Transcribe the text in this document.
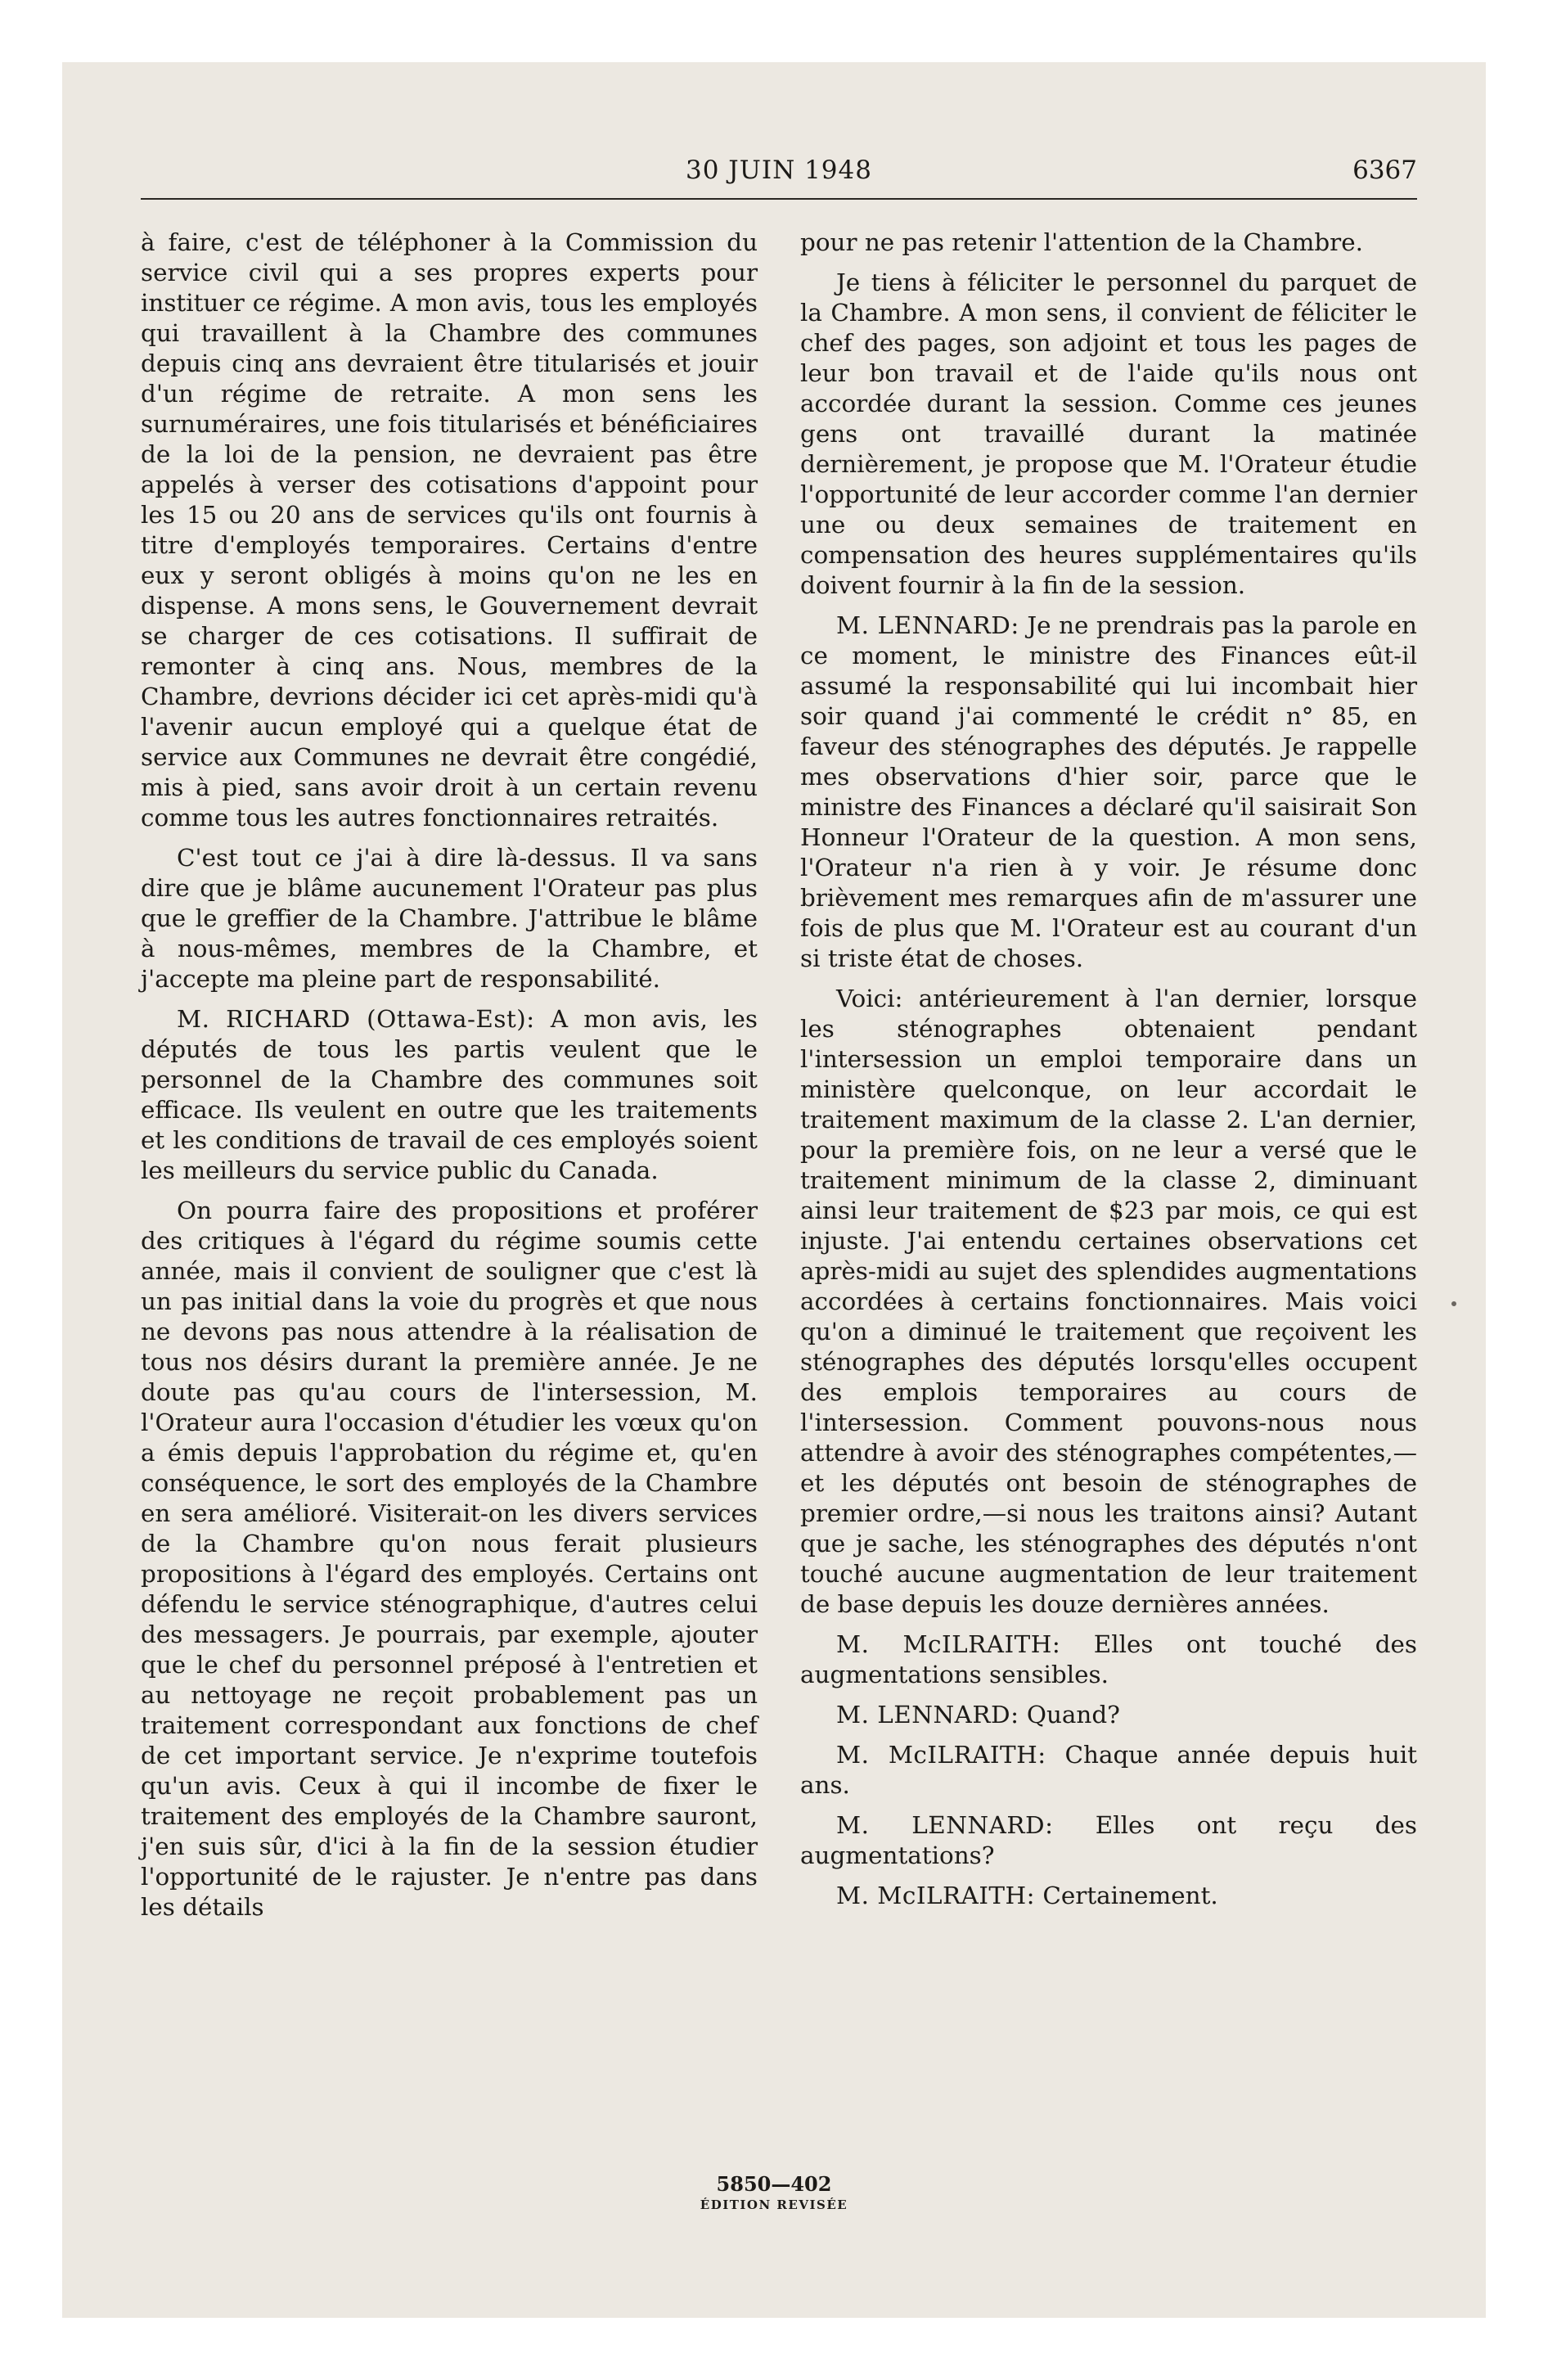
30 JUIN 1948	6367

à faire, c'est de téléphoner à la Commission du service civil qui a ses propres experts pour instituer ce régime. A mon avis, tous les employés qui travaillent à la Chambre des communes depuis cinq ans devraient être titularisés et jouir d'un régime de retraite. A mon sens les surnuméraires, une fois titularisés et bénéficiaires de la loi de la pension, ne devraient pas être appelés à verser des cotisations d'appoint pour les 15 ou 20 ans de services qu'ils ont fournis à titre d'employés temporaires. Certains d'entre eux y seront obligés à moins qu'on ne les en dispense. A mons sens, le Gouvernement devrait se charger de ces cotisations. Il suffirait de remonter à cinq ans. Nous, membres de la Chambre, devrions décider ici cet après-midi qu'à l'avenir aucun employé qui a quelque état de service aux Communes ne devrait être congédié, mis à pied, sans avoir droit à un certain revenu comme tous les autres fonctionnaires retraités.

C'est tout ce j'ai à dire là-dessus. Il va sans dire que je blâme aucunement l'Orateur pas plus que le greffier de la Chambre. J'attribue le blâme à nous-mêmes, membres de la Chambre, et j'accepte ma pleine part de responsabilité.

M. RICHARD (Ottawa-Est): A mon avis, les députés de tous les partis veulent que le personnel de la Chambre des communes soit efficace. Ils veulent en outre que les traitements et les conditions de travail de ces employés soient les meilleurs du service public du Canada.

On pourra faire des propositions et proférer des critiques à l'égard du régime soumis cette année, mais il convient de souligner que c'est là un pas initial dans la voie du progrès et que nous ne devons pas nous attendre à la réalisation de tous nos désirs durant la première année. Je ne doute pas qu'au cours de l'intersession, M. l'Orateur aura l'occasion d'étudier les vœux qu'on a émis depuis l'approbation du régime et, qu'en conséquence, le sort des employés de la Chambre en sera amélioré. Visiterait-on les divers services de la Chambre qu'on nous ferait plusieurs propositions à l'égard des employés. Certains ont défendu le service sténographique, d'autres celui des messagers. Je pourrais, par exemple, ajouter que le chef du personnel préposé à l'entretien et au nettoyage ne reçoit probablement pas un traitement correspondant aux fonctions de chef de cet important service. Je n'exprime toutefois qu'un avis. Ceux à qui il incombe de fixer le traitement des employés de la Chambre sauront, j'en suis sûr, d'ici à la fin de la session étudier l'opportunité de le rajuster. Je n'entre pas dans les détails

pour ne pas retenir l'attention de la Chambre.

Je tiens à féliciter le personnel du parquet de la Chambre. A mon sens, il convient de féliciter le chef des pages, son adjoint et tous les pages de leur bon travail et de l'aide qu'ils nous ont accordée durant la session. Comme ces jeunes gens ont travaillé durant la matinée dernièrement, je propose que M. l'Orateur étudie l'opportunité de leur accorder comme l'an dernier une ou deux semaines de traitement en compensation des heures supplémentaires qu'ils doivent fournir à la fin de la session.

M. LENNARD: Je ne prendrais pas la parole en ce moment, le ministre des Finances eût-il assumé la responsabilité qui lui incombait hier soir quand j'ai commenté le crédit n° 85, en faveur des sténographes des députés. Je rappelle mes observations d'hier soir, parce que le ministre des Finances a déclaré qu'il saisirait Son Honneur l'Orateur de la question. A mon sens, l'Orateur n'a rien à y voir. Je résume donc brièvement mes remarques afin de m'assurer une fois de plus que M. l'Orateur est au courant d'un si triste état de choses.

Voici: antérieurement à l'an dernier, lorsque les sténographes obtenaient pendant l'intersession un emploi temporaire dans un ministère quelconque, on leur accordait le traitement maximum de la classe 2. L'an dernier, pour la première fois, on ne leur a versé que le traitement minimum de la classe 2, diminuant ainsi leur traitement de $23 par mois, ce qui est injuste. J'ai entendu certaines observations cet après-midi au sujet des splendides augmentations accordées à certains fonctionnaires. Mais voici qu'on a diminué le traitement que reçoivent les sténographes des députés lorsqu'elles occupent des emplois temporaires au cours de l'intersession. Comment pouvons-nous nous attendre à avoir des sténographes compétentes,—et les députés ont besoin de sténographes de premier ordre,—si nous les traitons ainsi? Autant que je sache, les sténographes des députés n'ont touché aucune augmentation de leur traitement de base depuis les douze dernières années.

M. McILRAITH: Elles ont touché des augmentations sensibles.

M. LENNARD: Quand?

M. McILRAITH: Chaque année depuis huit ans.

M. LENNARD: Elles ont reçu des augmentations?

M. McILRAITH: Certainement.

5850—402
ÉDITION REVISÉE
